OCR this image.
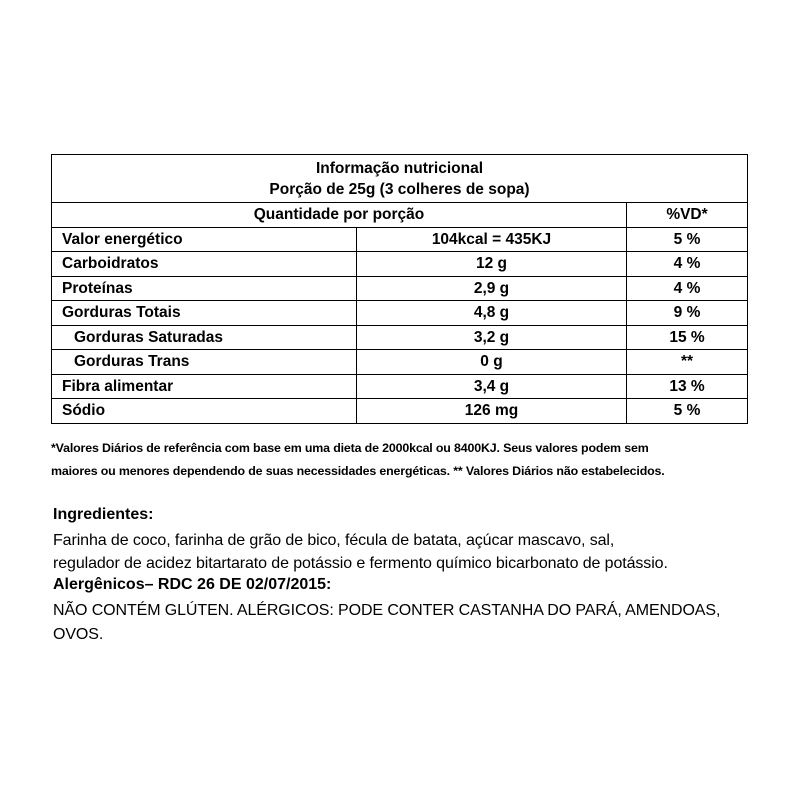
Informação nutricional
Porção de 25g (3 colheres de sopa)		

Quantidade por porção		%VD*
Valor energético	104kcal = 435KJ	5 %
Carboidratos	12 g	4 %
Proteínas	2,9 g	4 %
Gorduras Totais	4,8 g	9 %
Gorduras Saturadas	3,2 g	15 %
Gorduras Trans	0 g	**
Fibra alimentar	3,4 g	13 %
Sódio	126 mg	5 %
*Valores Diários de referência com base em uma dieta de 2000kcal ou 8400KJ. Seus valores podem sem
maiores ou menores dependendo de suas necessidades energéticas. ** Valores Diários não estabelecidos.
Ingredientes:
Farinha de coco, farinha de grão de bico, fécula de batata, açúcar mascavo, sal,
regulador de acidez bitartarato de potássio e fermento químico bicarbonato de potássio.
Alergênicos– RDC 26 DE 02/07/2015:
NÃO CONTÉM GLÚTEN. ALÉRGICOS: PODE CONTER CASTANHA DO PARÁ, AMENDOAS,
OVOS.
